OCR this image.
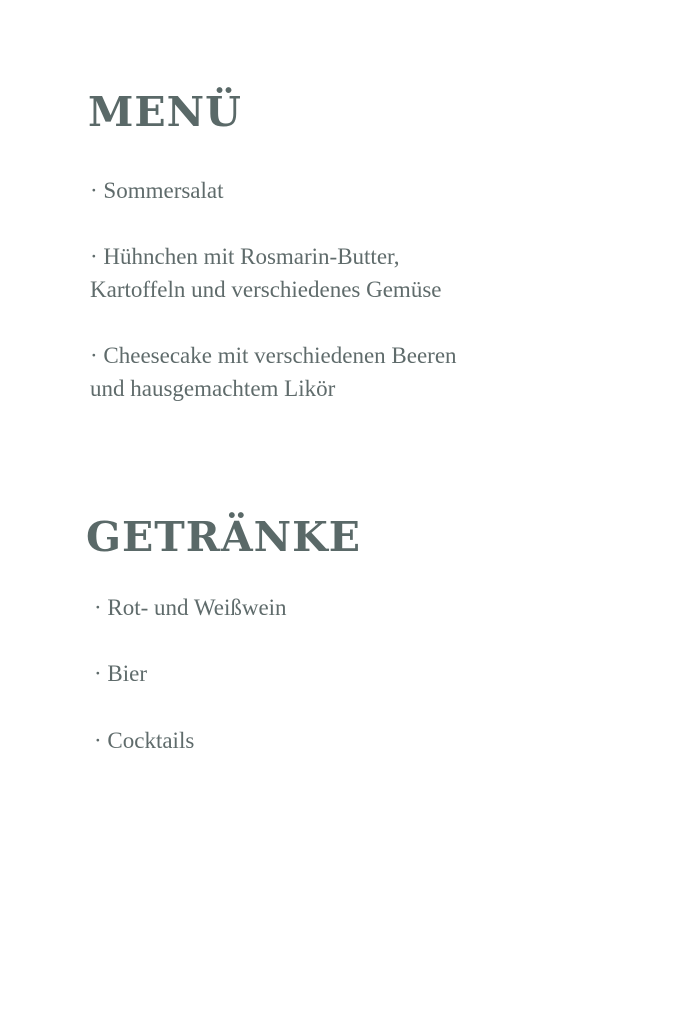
MENÜ

· Sommersalat

· Hühnchen mit Rosmarin-Butter,
Kartoffeln und verschiedenes Gemüse

· Cheesecake mit verschiedenen Beeren
und hausgemachtem Likör

GETRÄNKE

· Rot- und Weißwein

· Bier

· Cocktails
